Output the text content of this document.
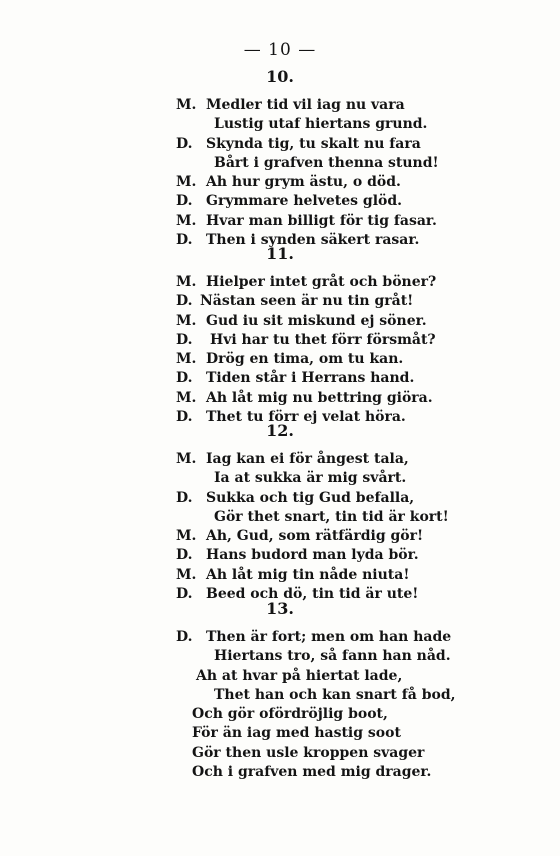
— 10 —
10.
M. Medler tid vil iag nu vara
Lustig utaf hiertans grund.
D. Skynda tig, tu skalt nu fara
Bårt i grafven thenna stund!
M. Ah hur grym ästu, o död.
D. Grymmare helvetes glöd.
M. Hvar man billigt för tig fasar.
D. Then i synden säkert rasar.
11.
M. Hielper intet gråt och böner?
D. Nästan seen är nu tin gråt!
M. Gud iu sit miskund ej söner.
D. Hvi har tu thet förr försmåt?
M. Drög en tima, om tu kan.
D. Tiden står i Herrans hand.
M. Ah låt mig nu bettring giöra.
D. Thet tu förr ej velat höra.
12.
M. Iag kan ei för ångest tala,
Ia at sukka är mig svårt.
D. Sukka och tig Gud befalla,
Gör thet snart, tin tid är kort!
M. Ah, Gud, som rätfärdig gör!
D. Hans budord man lyda bör.
M. Ah låt mig tin nåde niuta!
D. Beed och dö, tin tid är ute!
13.
D. Then är fort; men om han hade
Hiertans tro, så fann han nåd.
Ah at hvar på hiertat lade,
Thet han och kan snart få bod,
Och gör ofördröjlig boot,
För än iag med hastig soot
Gör then usle kroppen svager
Och i grafven med mig drager.
